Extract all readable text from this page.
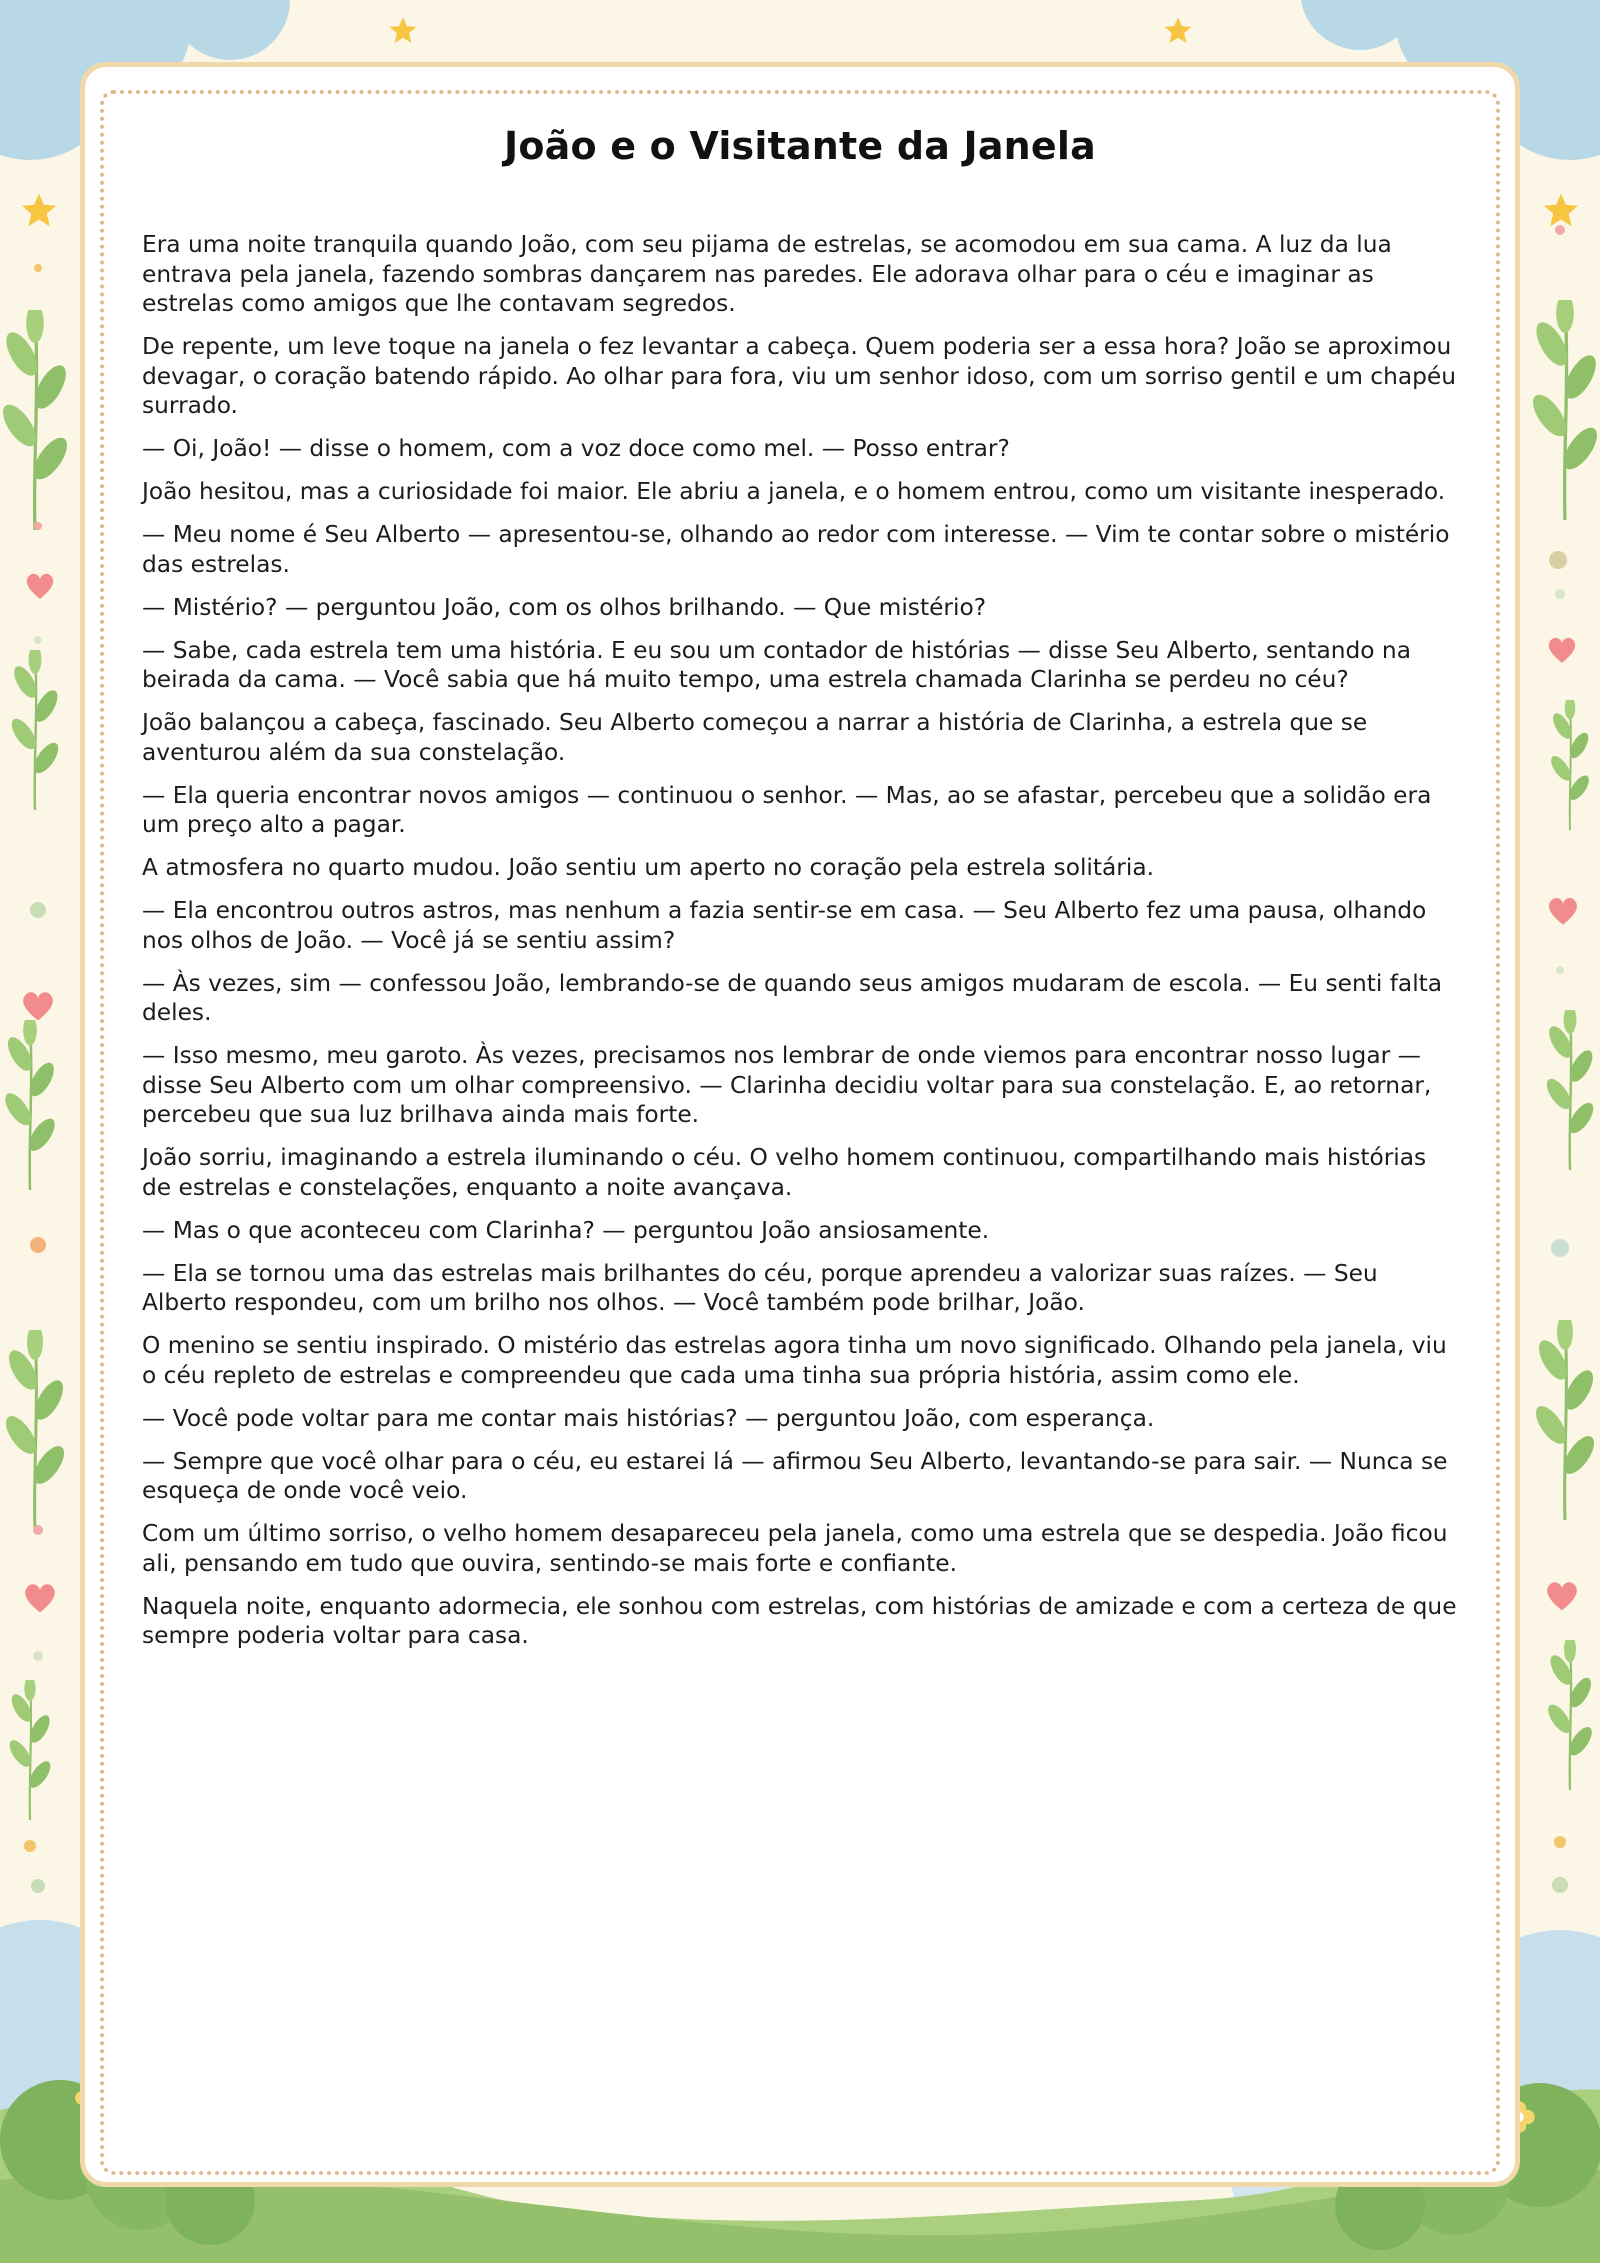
João e o Visitante da Janela

Era uma noite tranquila quando João, com seu pijama de estrelas, se acomodou em sua cama. A luz da lua entrava pela janela, fazendo sombras dançarem nas paredes. Ele adorava olhar para o céu e imaginar as estrelas como amigos que lhe contavam segredos.

De repente, um leve toque na janela o fez levantar a cabeça. Quem poderia ser a essa hora? João se aproximou devagar, o coração batendo rápido. Ao olhar para fora, viu um senhor idoso, com um sorriso gentil e um chapéu surrado.

— Oi, João! — disse o homem, com a voz doce como mel. — Posso entrar?

João hesitou, mas a curiosidade foi maior. Ele abriu a janela, e o homem entrou, como um visitante inesperado.

— Meu nome é Seu Alberto — apresentou-se, olhando ao redor com interesse. — Vim te contar sobre o mistério das estrelas.

— Mistério? — perguntou João, com os olhos brilhando. — Que mistério?

— Sabe, cada estrela tem uma história. E eu sou um contador de histórias — disse Seu Alberto, sentando na beirada da cama. — Você sabia que há muito tempo, uma estrela chamada Clarinha se perdeu no céu?

João balançou a cabeça, fascinado. Seu Alberto começou a narrar a história de Clarinha, a estrela que se aventurou além da sua constelação.

— Ela queria encontrar novos amigos — continuou o senhor. — Mas, ao se afastar, percebeu que a solidão era um preço alto a pagar.

A atmosfera no quarto mudou. João sentiu um aperto no coração pela estrela solitária.

— Ela encontrou outros astros, mas nenhum a fazia sentir-se em casa. — Seu Alberto fez uma pausa, olhando nos olhos de João. — Você já se sentiu assim?

— Às vezes, sim — confessou João, lembrando-se de quando seus amigos mudaram de escola. — Eu senti falta deles.

— Isso mesmo, meu garoto. Às vezes, precisamos nos lembrar de onde viemos para encontrar nosso lugar — disse Seu Alberto com um olhar compreensivo. — Clarinha decidiu voltar para sua constelação. E, ao retornar, percebeu que sua luz brilhava ainda mais forte.

João sorriu, imaginando a estrela iluminando o céu. O velho homem continuou, compartilhando mais histórias de estrelas e constelações, enquanto a noite avançava.

— Mas o que aconteceu com Clarinha? — perguntou João ansiosamente.

— Ela se tornou uma das estrelas mais brilhantes do céu, porque aprendeu a valorizar suas raízes. — Seu Alberto respondeu, com um brilho nos olhos. — Você também pode brilhar, João.

O menino se sentiu inspirado. O mistério das estrelas agora tinha um novo significado. Olhando pela janela, viu o céu repleto de estrelas e compreendeu que cada uma tinha sua própria história, assim como ele.

— Você pode voltar para me contar mais histórias? — perguntou João, com esperança.

— Sempre que você olhar para o céu, eu estarei lá — afirmou Seu Alberto, levantando-se para sair. — Nunca se esqueça de onde você veio.

Com um último sorriso, o velho homem desapareceu pela janela, como uma estrela que se despedia. João ficou ali, pensando em tudo que ouvira, sentindo-se mais forte e confiante.

Naquela noite, enquanto adormecia, ele sonhou com estrelas, com histórias de amizade e com a certeza de que sempre poderia voltar para casa.
